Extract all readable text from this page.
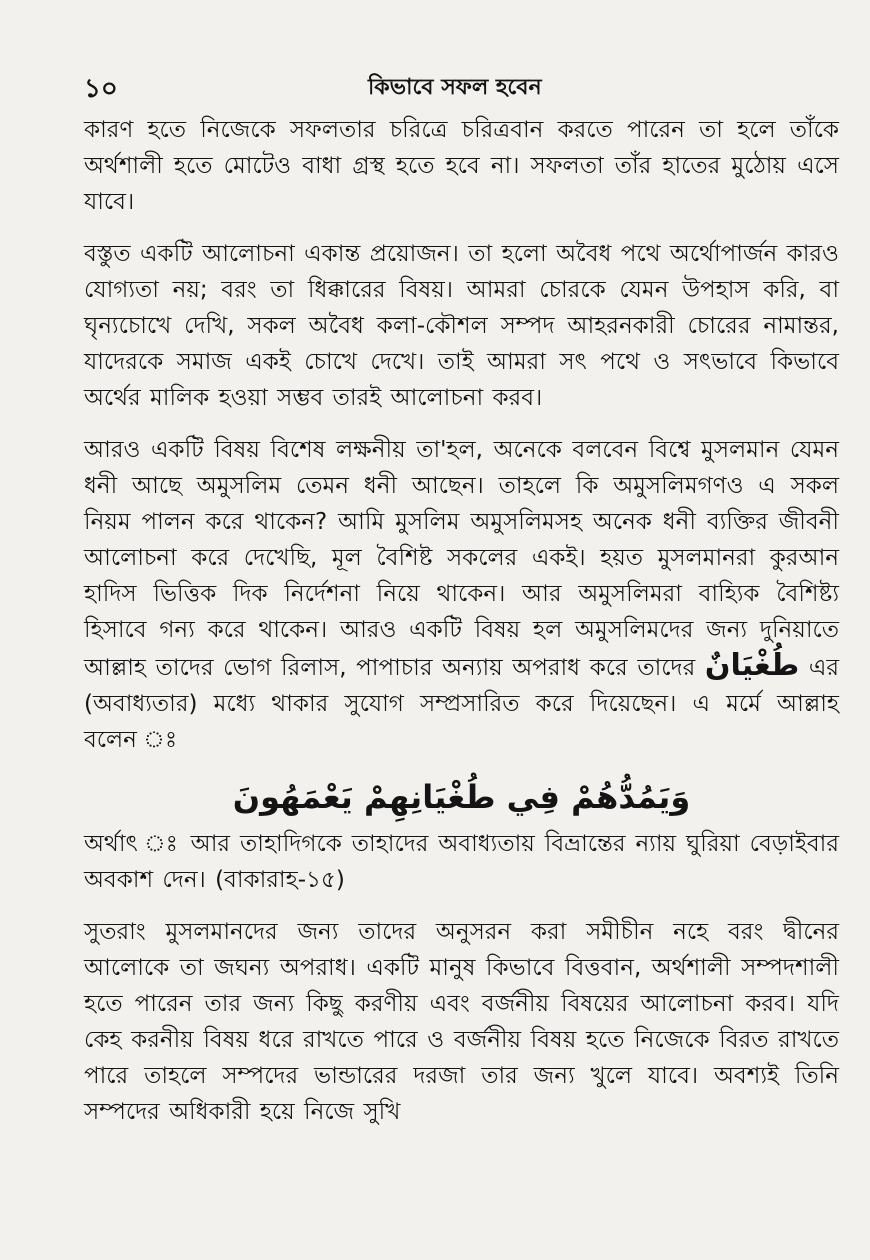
১০	কিভাবে সফল হবেন

কারণ হতে নিজেকে সফলতার চরিত্রে চরিত্রবান করতে পারেন তা হলে তাঁকে অর্থশালী হতে মোটেও বাধা গ্রস্থ হতে হবে না। সফলতা তাঁর হাতের মুঠোয় এসে যাবে।

বস্তুত একটি আলোচনা একান্ত প্রয়োজন। তা হলো অবৈধ পথে অর্থোপার্জন কারও যোগ্যতা নয়; বরং তা ধিক্কারের বিষয়। আমরা চোরকে যেমন উপহাস করি, বা ঘৃন্যচোখে দেখি, সকল অবৈধ কলা-কৌশল সম্পদ আহরনকারী চোরের নামান্তর, যাদেরকে সমাজ একই চোখে দেখে। তাই আমরা সৎ পথে ও সৎভাবে কিভাবে অর্থের মালিক হওয়া সম্ভব তারই আলোচনা করব।

আরও একটি বিষয় বিশেষ লক্ষনীয় তা'হল, অনেকে বলবেন বিশ্বে মুসলমান যেমন ধনী আছে অমুসলিম তেমন ধনী আছেন। তাহলে কি অমুসলিমগণও এ সকল নিয়ম পালন করে থাকেন? আমি মুসলিম অমুসলিমসহ অনেক ধনী ব্যক্তির জীবনী আলোচনা করে দেখেছি, মূল বৈশিষ্ট সকলের একই। হয়ত মুসলমানরা কুরআন হাদিস ভিত্তিক দিক নির্দেশনা নিয়ে থাকেন। আর অমুসলিমরা বাহ্যিক বৈশিষ্ট্য হিসাবে গন্য করে থাকেন। আরও একটি বিষয় হল অমুসলিমদের জন্য দুনিয়াতে আল্লাহ তাদের ভোগ রিলাস, পাপাচার অন্যায় অপরাধ করে তাদের طُغْيَانٌ এর (অবাধ্যতার) মধ্যে থাকার সুযোগ সম্প্রসারিত করে দিয়েছেন। এ মর্মে আল্লাহ বলেন ঃ

وَيَمُدُّهُمْ فِي طُغْيَانِهِمْ يَعْمَهُونَ

অর্থাৎ ঃ আর তাহাদিগকে তাহাদের অবাধ্যতায় বিভ্রান্তের ন্যায় ঘুরিয়া বেড়াইবার অবকাশ দেন। (বাকারাহ-১৫)

সুতরাং মুসলমানদের জন্য তাদের অনুসরন করা সমীচীন নহে বরং দ্বীনের আলোকে তা জঘন্য অপরাধ। একটি মানুষ কিভাবে বিত্তবান, অর্থশালী সম্পদশালী হতে পারেন তার জন্য কিছু করণীয় এবং বর্জনীয় বিষয়ের আলোচনা করব। যদি কেহ করনীয় বিষয় ধরে রাখতে পারে ও বর্জনীয় বিষয় হতে নিজেকে বিরত রাখতে পারে তাহলে সম্পদের ভান্ডারের দরজা তার জন্য খুলে যাবে। অবশ্যই তিনি সম্পদের অধিকারী হয়ে নিজে সুখি
